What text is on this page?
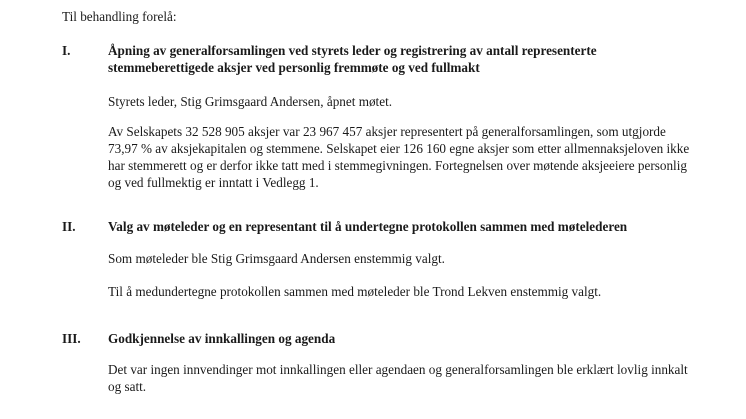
Til behandling forelå:

I.	Åpning av generalforsamlingen ved styrets leder og registrering av antall representerte stemmeberettigede aksjer ved personlig fremmøte og ved fullmakt

Styrets leder, Stig Grimsgaard Andersen, åpnet møtet.

Av Selskapets 32 528 905 aksjer var 23 967 457 aksjer representert på generalforsamlingen, som utgjorde 73,97 % av aksjekapitalen og stemmene. Selskapet eier 126 160 egne aksjer som etter allmennaksjeloven ikke har stemmerett og er derfor ikke tatt med i stemmegivningen. Fortegnelsen over møtende aksjeeiere personlig og ved fullmektig er inntatt i Vedlegg 1.

II. Valg av møteleder og en representant til å undertegne protokollen sammen med møtelederen

Som møteleder ble Stig Grimsgaard Andersen enstemmig valgt.

Til å medundertegne protokollen sammen med møteleder ble Trond Lekven enstemmig valgt.

III. Godkjennelse av innkallingen og agenda

Det var ingen innvendinger mot innkallingen eller agendaen og generalforsamlingen ble erklært lovlig innkalt og satt.
